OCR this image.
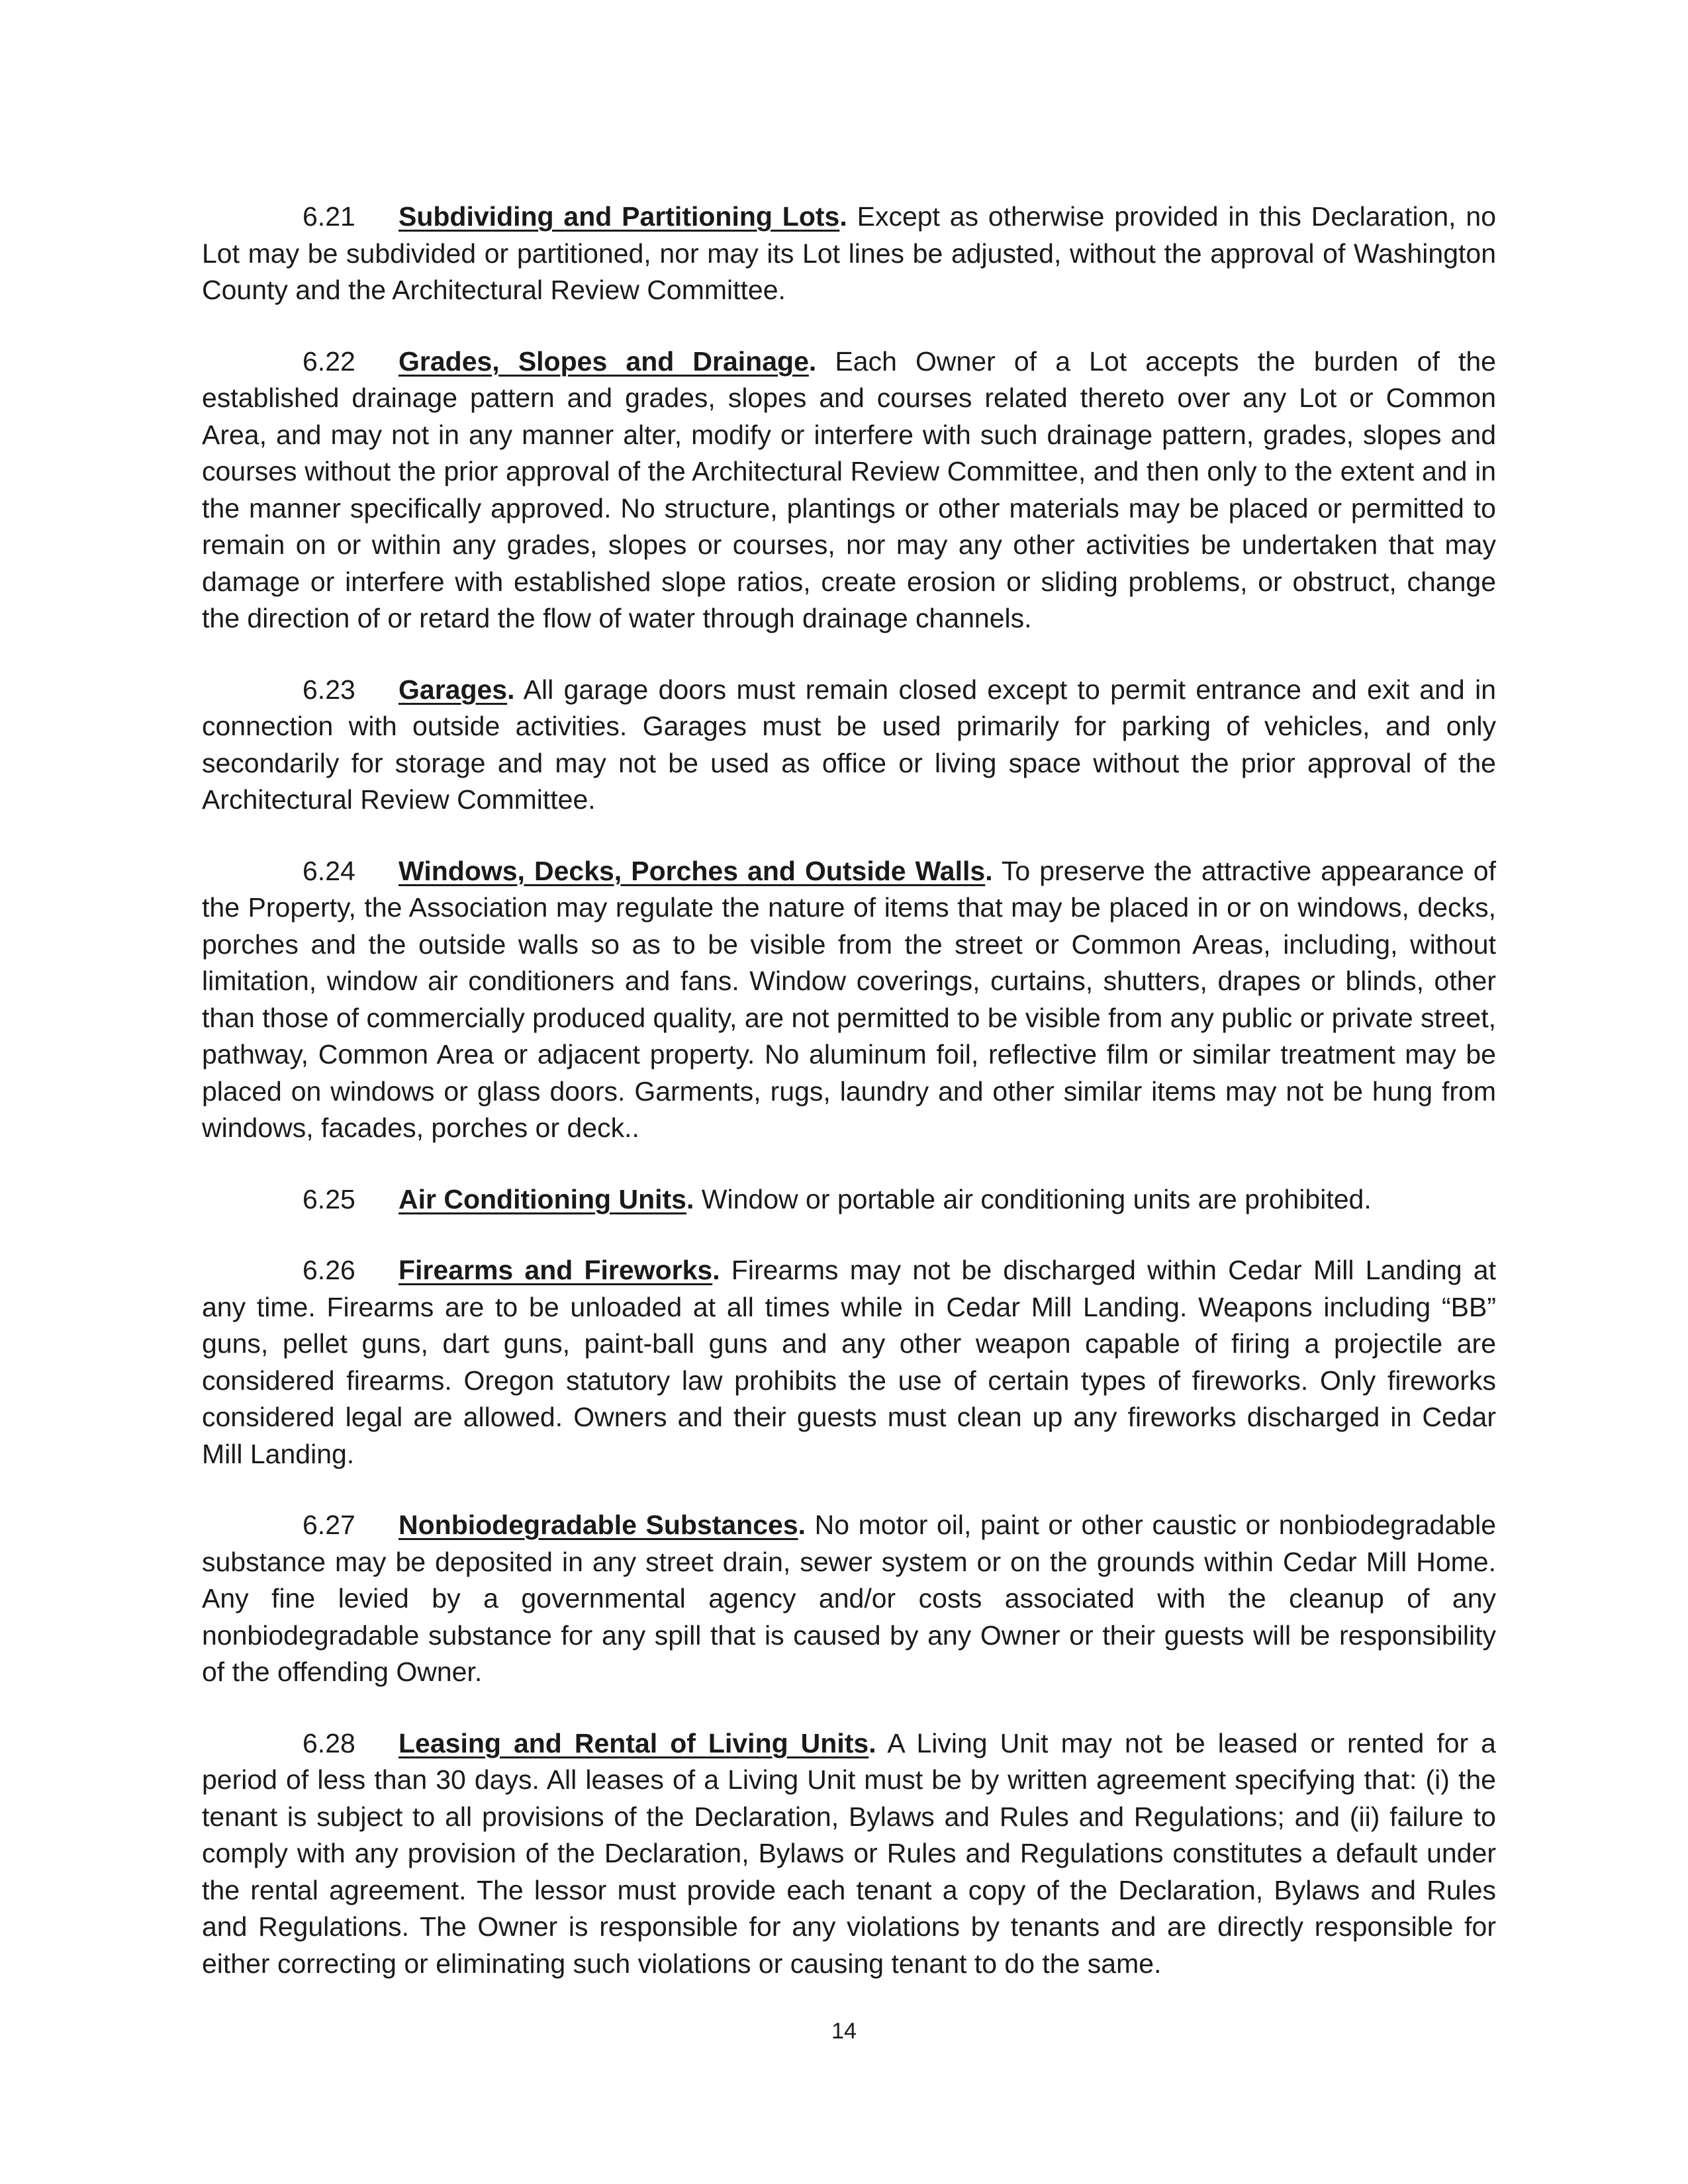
6.21 Subdividing and Partitioning Lots. Except as otherwise provided in this Declaration, no Lot may be subdivided or partitioned, nor may its Lot lines be adjusted, without the approval of Washington County and the Architectural Review Committee.

6.22 Grades, Slopes and Drainage. Each Owner of a Lot accepts the burden of the established drainage pattern and grades, slopes and courses related thereto over any Lot or Common Area, and may not in any manner alter, modify or interfere with such drainage pattern, grades, slopes and courses without the prior approval of the Architectural Review Committee, and then only to the extent and in the manner specifically approved. No structure, plantings or other materials may be placed or permitted to remain on or within any grades, slopes or courses, nor may any other activities be undertaken that may damage or interfere with established slope ratios, create erosion or sliding problems, or obstruct, change the direction of or retard the flow of water through drainage channels.

6.23 Garages. All garage doors must remain closed except to permit entrance and exit and in connection with outside activities. Garages must be used primarily for parking of vehicles, and only secondarily for storage and may not be used as office or living space without the prior approval of the Architectural Review Committee.

6.24 Windows, Decks, Porches and Outside Walls. To preserve the attractive appearance of the Property, the Association may regulate the nature of items that may be placed in or on windows, decks, porches and the outside walls so as to be visible from the street or Common Areas, including, without limitation, window air conditioners and fans. Window coverings, curtains, shutters, drapes or blinds, other than those of commercially produced quality, are not permitted to be visible from any public or private street, pathway, Common Area or adjacent property. No aluminum foil, reflective film or similar treatment may be placed on windows or glass doors. Garments, rugs, laundry and other similar items may not be hung from windows, facades, porches or deck..

6.25 Air Conditioning Units. Window or portable air conditioning units are prohibited.

6.26 Firearms and Fireworks. Firearms may not be discharged within Cedar Mill Landing at any time. Firearms are to be unloaded at all times while in Cedar Mill Landing. Weapons including “BB” guns, pellet guns, dart guns, paint-ball guns and any other weapon capable of firing a projectile are considered firearms. Oregon statutory law prohibits the use of certain types of fireworks. Only fireworks considered legal are allowed. Owners and their guests must clean up any fireworks discharged in Cedar Mill Landing.

6.27 Nonbiodegradable Substances. No motor oil, paint or other caustic or nonbiodegradable substance may be deposited in any street drain, sewer system or on the grounds within Cedar Mill Home. Any fine levied by a governmental agency and/or costs associated with the cleanup of any nonbiodegradable substance for any spill that is caused by any Owner or their guests will be responsibility of the offending Owner.

6.28 Leasing and Rental of Living Units. A Living Unit may not be leased or rented for a period of less than 30 days. All leases of a Living Unit must be by written agreement specifying that: (i) the tenant is subject to all provisions of the Declaration, Bylaws and Rules and Regulations; and (ii) failure to comply with any provision of the Declaration, Bylaws or Rules and Regulations constitutes a default under the rental agreement. The lessor must provide each tenant a copy of the Declaration, Bylaws and Rules and Regulations. The Owner is responsible for any violations by tenants and are directly responsible for either correcting or eliminating such violations or causing tenant to do the same.

14
